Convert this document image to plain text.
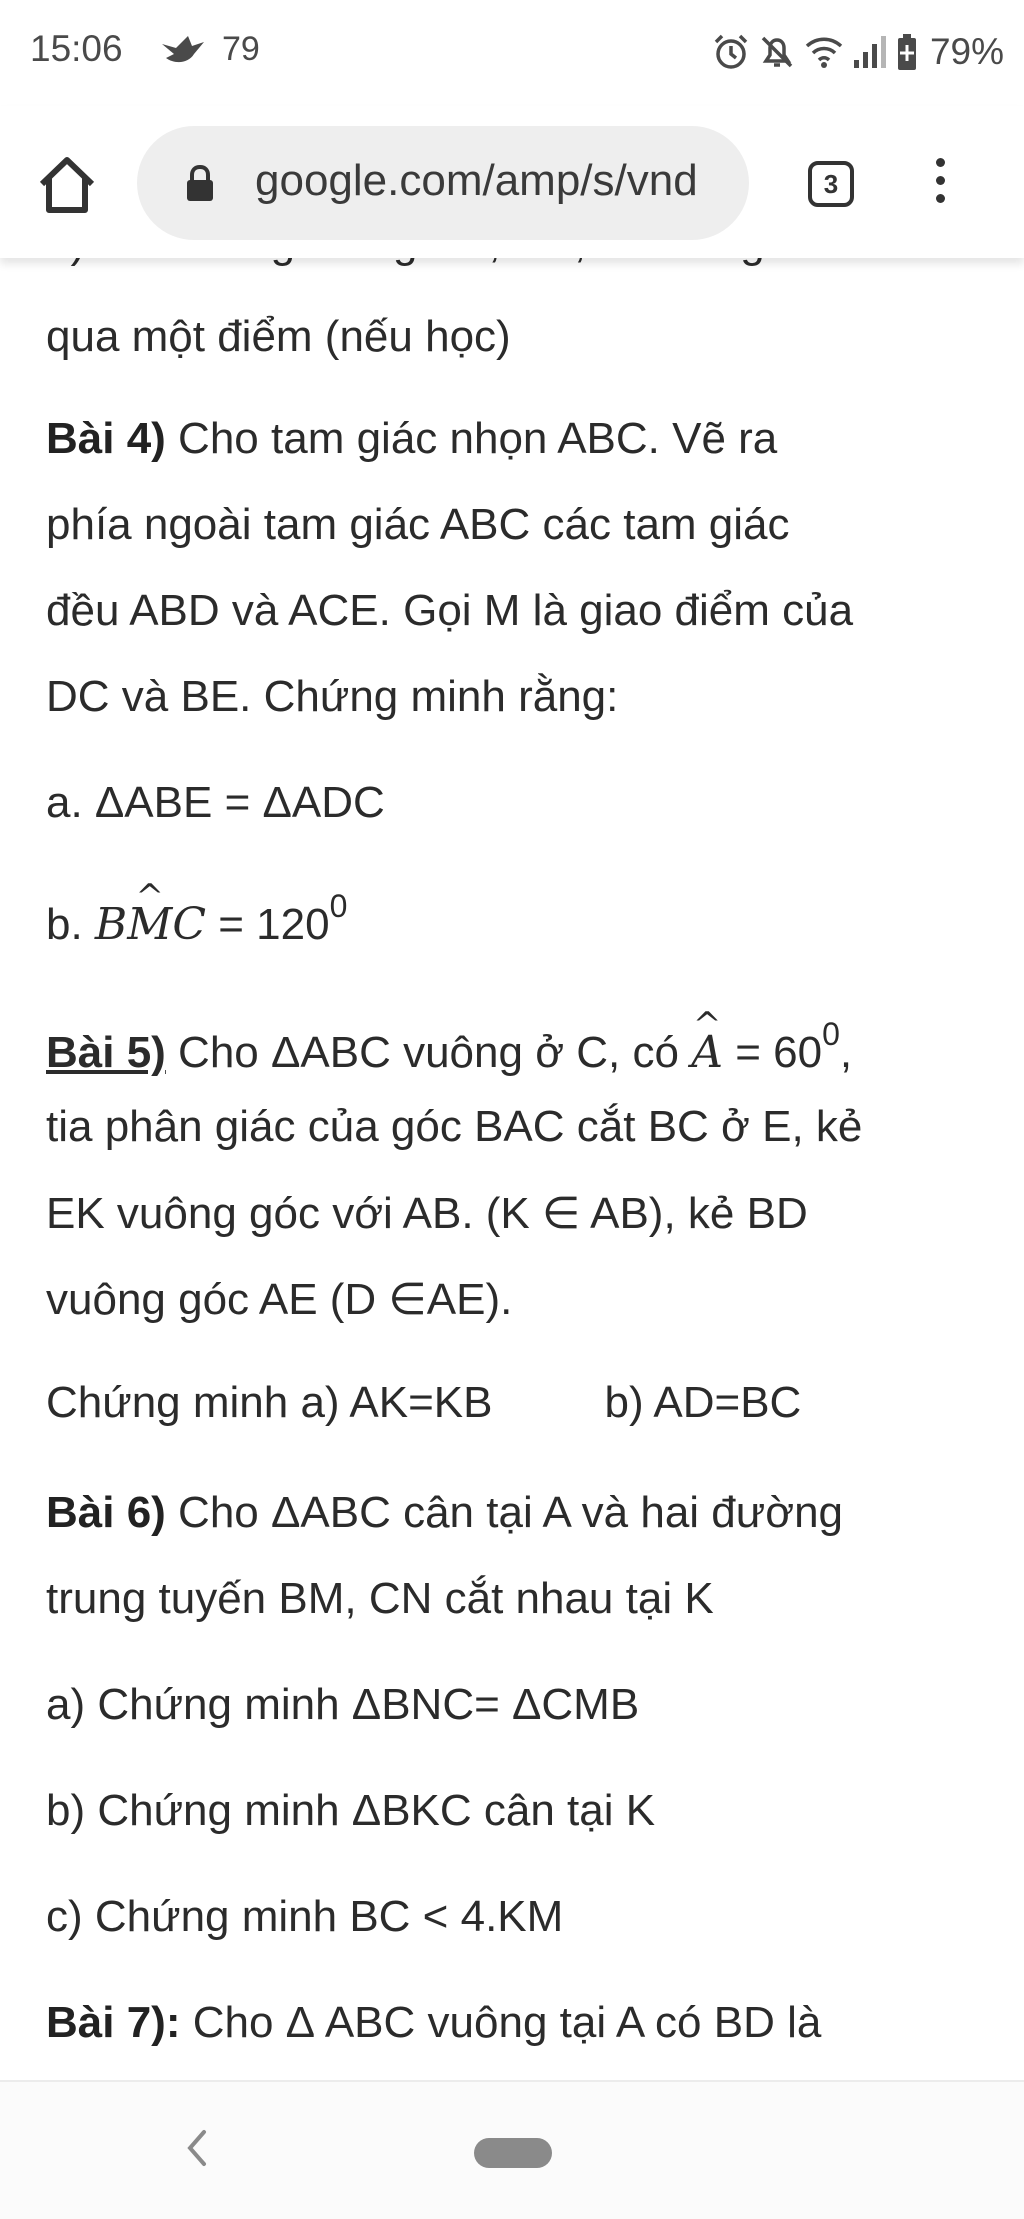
15:06	79	79%
google.com/amp/s/vnd	3
qua một điểm (nếu học)
Bài 4) Cho tam giác nhọn ABC. Vẽ ra
phía ngoài tam giác ABC các tam giác
đều ABD và ACE. Gọi M là giao điểm của
DC và BE. Chứng minh rằng:
a. ΔABE = ΔADC
b. B^ MC = $120^0$
Bài 5) Cho ΔABC vuông ở C, có ^ $A = 60^0$,
tia phân giác của góc BAC cắt BC ở E, kẻ
EK vuông góc với AB. (K ∈ AB), kẻ BD
vuông góc AE (D ∈AE).
Chứng minh a) AK=KB	b) AD=BC
Bài 6) Cho ΔABC cân tại A và hai đường
trung tuyến BM, CN cắt nhau tại K
a) Chứng minh ΔBNC= ΔCMB
b) Chứng minh ΔBKC cân tại K
c) Chứng minh BC < 4.KM
Bài 7): Cho Δ ABC vuông tại A có BD là
